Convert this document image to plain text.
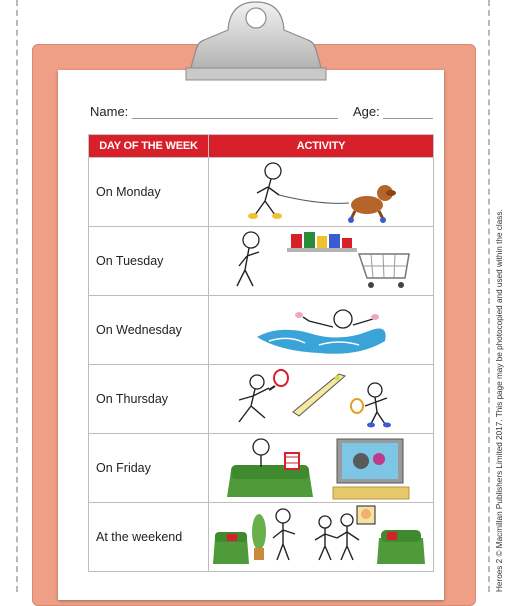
Name:	Age:
DAY OF THE WEEK	ACTIVITY
On Monday	

On Tuesday	

On Wednesday	

On Thursday	

On Friday	

At the weekend		Heroes 2 © Macmillan Publishers Limited 2017. This page may be photocopied and used within the class.
